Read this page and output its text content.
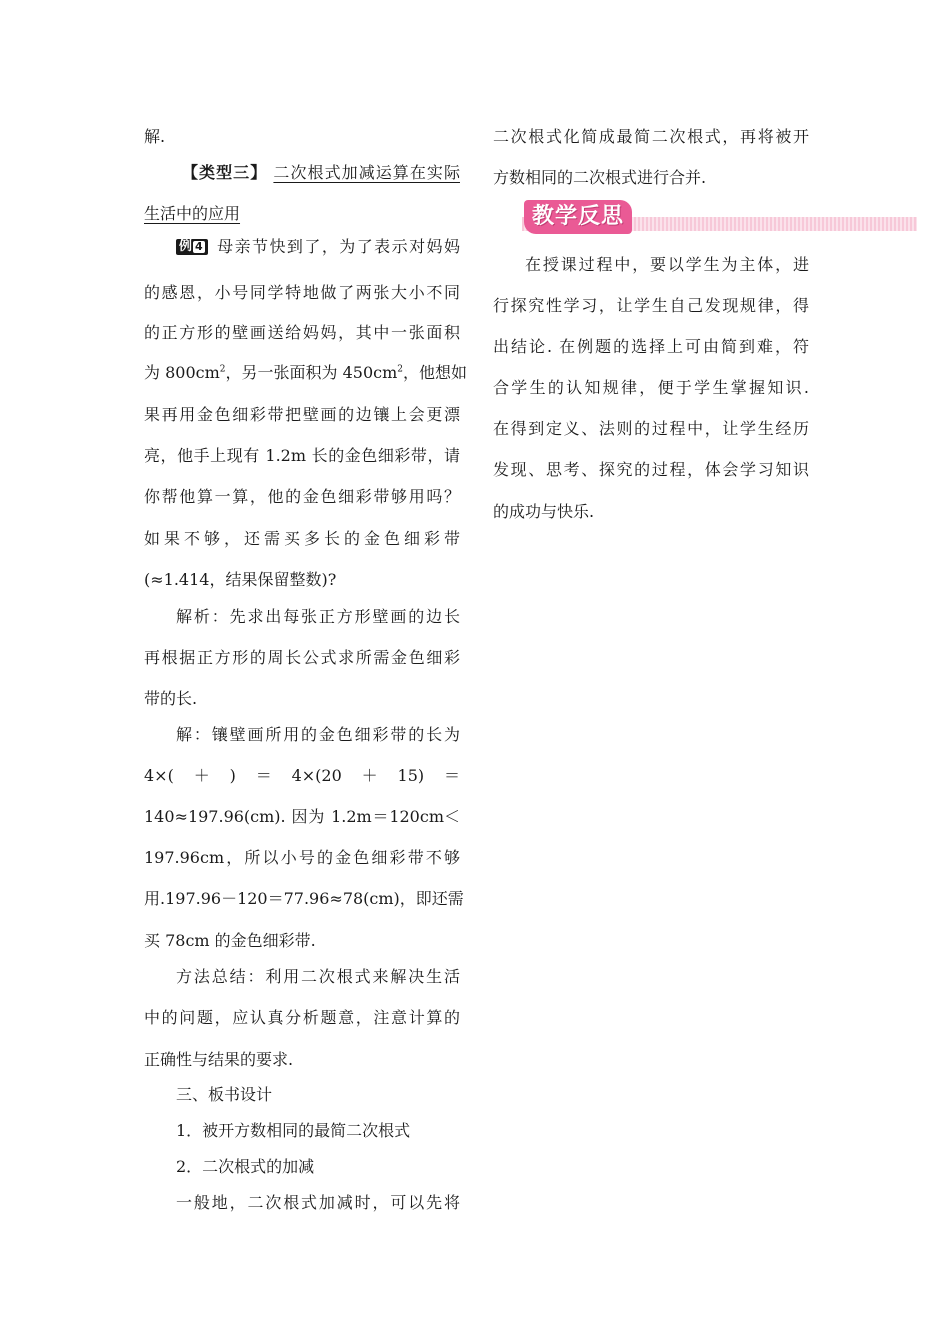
解.
【类型三】 二次根式加减运算在实际
生活中的应用
例 4 母亲节快到了，为了表示对妈妈
的感恩，小号同学特地做了两张大小不同
的正方形的壁画送给妈妈，其中一张面积
为 $800cm^2$，另一张面积为 $450cm^2$，他想如
果再用金色细彩带把壁画的边镶上会更漂
亮，他手上现有 1.2m 长的金色细彩带，请
你帮他算一算，他的金色细彩带够用吗？
如果不够，还需买多长的金色细彩带
(≈1.414，结果保留整数)?
解析：先求出每张正方形壁画的边长
再根据正方形的周长公式求所需金色细彩
带的长.
解：镶壁画所用的金色细彩带的长为
4×(　＋　)　＝　4×(20　＋　15)　＝
140≈197.96(cm). 因为 1.2m＝120cm＜
197.96cm，所以小号的金色细彩带不够
用.197.96－120＝77.96≈78(cm)，即还需
买 78cm 的金色细彩带.
方法总结：利用二次根式来解决生活
中的问题，应认真分析题意，注意计算的
正确性与结果的要求.
三、板书设计
1．被开方数相同的最简二次根式
2．二次根式的加减
一般地，二次根式加减时，可以先将
二次根式化简成最简二次根式，再将被开
方数相同的二次根式进行合并.
在授课过程中，要以学生为主体，进
行探究性学习，让学生自己发现规律，得
出结论. 在例题的选择上可由简到难，符
合学生的认知规律，便于学生掌握知识.
在得到定义、法则的过程中，让学生经历
发现、思考、探究的过程，体会学习知识
的成功与快乐.
教学反思
